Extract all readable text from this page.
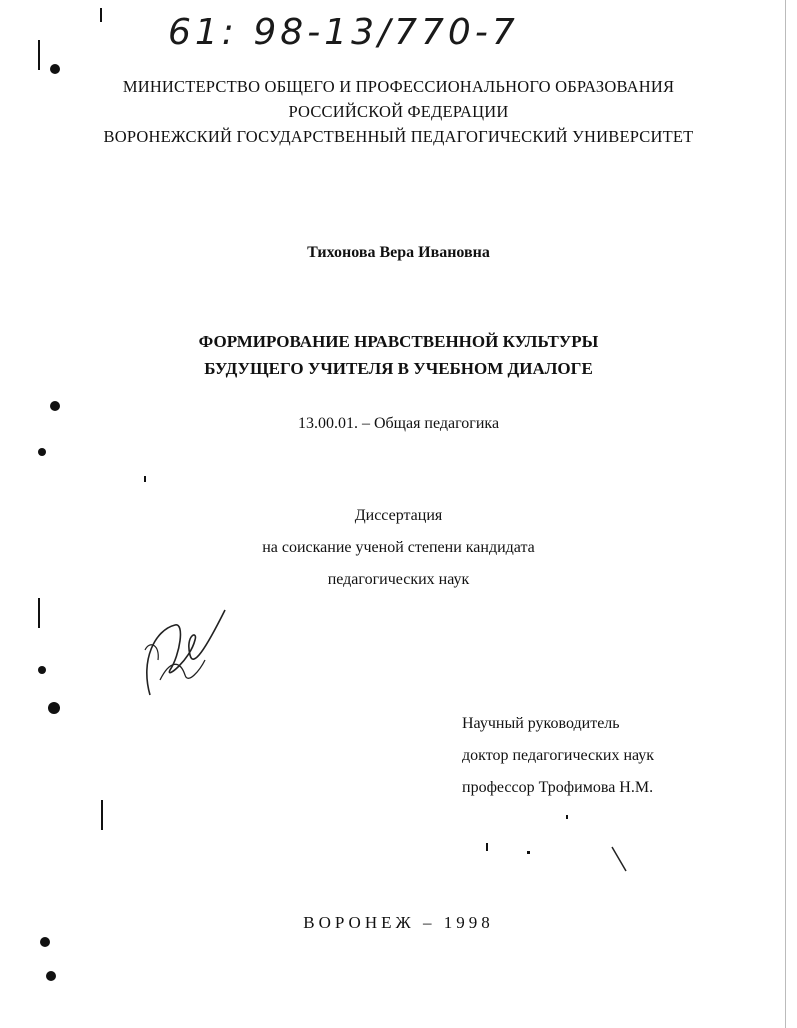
61: 98-13/770-7
МИНИСТЕРСТВО ОБЩЕГО И ПРОФЕССИОНАЛЬНОГО ОБРАЗОВАНИЯ
РОССИЙСКОЙ ФЕДЕРАЦИИ
ВОРОНЕЖСКИЙ ГОСУДАРСТВЕННЫЙ ПЕДАГОГИЧЕСКИЙ УНИВЕРСИТЕТ
Тихонова Вера Ивановна
ФОРМИРОВАНИЕ НРАВСТВЕННОЙ КУЛЬТУРЫ
БУДУЩЕГО УЧИТЕЛЯ В УЧЕБНОМ ДИАЛОГЕ
13.00.01. – Общая педагогика
Диссертация
на соискание ученой степени кандидата
педагогических наук
Научный руководитель
доктор педагогических наук
профессор Трофимова Н.М.
ВОРОНЕЖ – 1998
